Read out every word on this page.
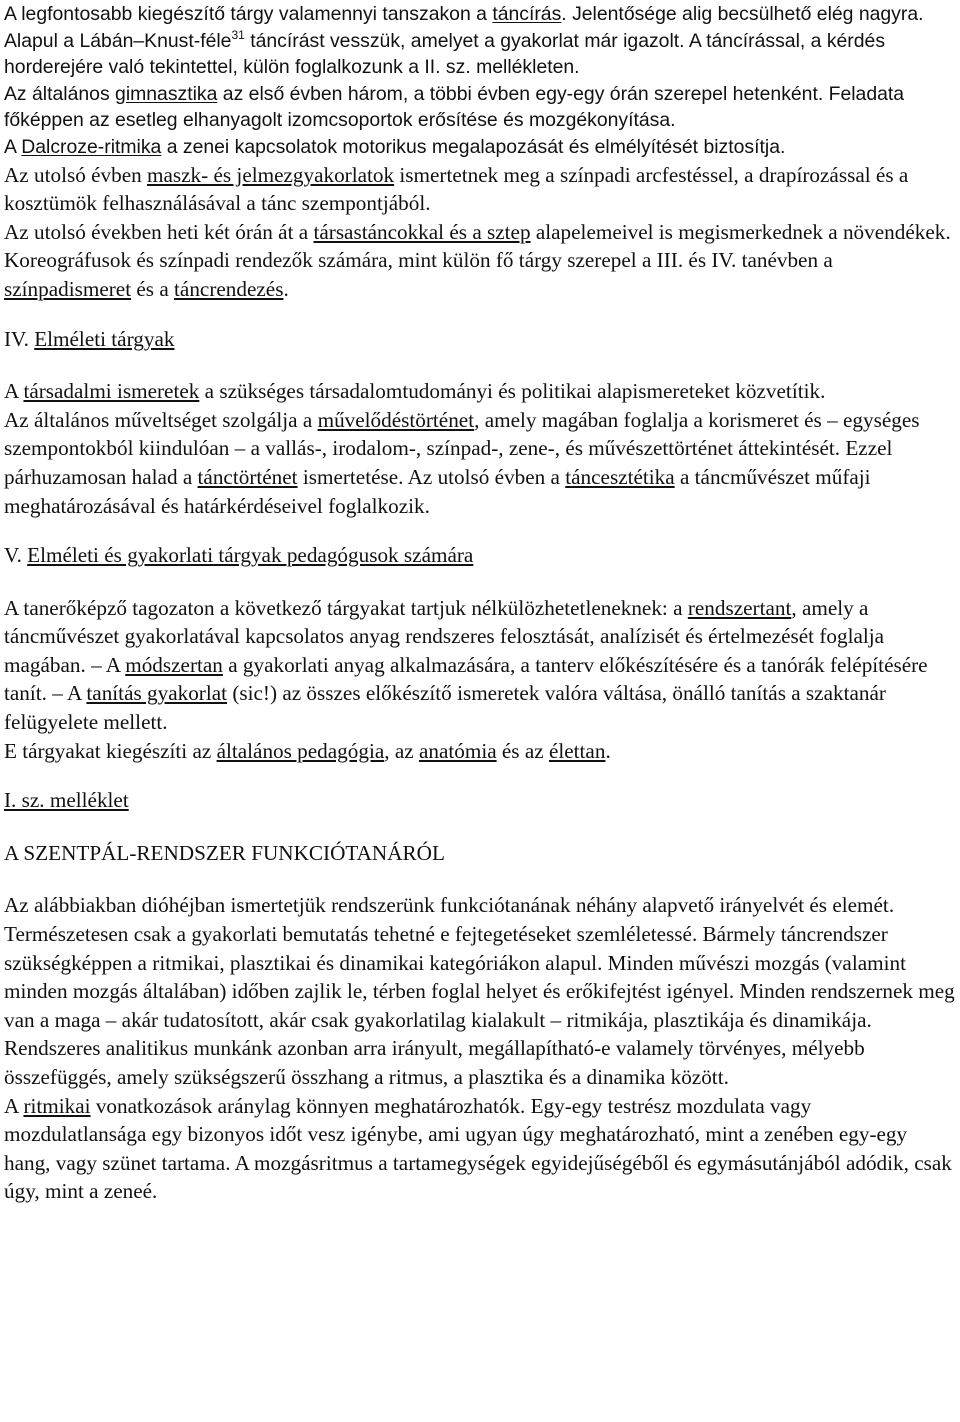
A legfontosabb kiegészítő tárgy valamennyi tanszakon a táncírás. Jelentősége alig becsülhető elég nagyra. Alapul a Lábán–Knust-féle$^{31}$ táncírást vesszük, amelyet a gyakorlat már igazolt. A táncírással, a kérdés horderejére való tekintettel, külön foglalkozunk a II. sz. mellékleten.

Az általános gimnasztika az első évben három, a többi évben egy-egy órán szerepel hetenként. Feladata főképpen az esetleg elhanyagolt izomcsoportok erősítése és mozgékonyítása.

A Dalcroze-ritmika a zenei kapcsolatok motorikus megalapozását és elmélyítését biztosítja.

Az utolsó évben maszk- és jelmezgyakorlatok ismertetnek meg a színpadi arcfestéssel, a drapírozással és a kosztümök felhasználásával a tánc szempontjából.

Az utolsó években heti két órán át a társastáncokkal és a sztep alapelemeivel is megismerkednek a növendékek.

Koreográfusok és színpadi rendezők számára, mint külön fő tárgy szerepel a III. és IV. tanévben a színpadismeret és a táncrendezés.

IV. Elméleti tárgyak

A társadalmi ismeretek a szükséges társadalomtudományi és politikai alapismereteket közvetítik.

Az általános műveltséget szolgálja a művelődéstörténet, amely magában foglalja a korismeret és – egységes szempontokból kiindulóan – a vallás-, irodalom-, színpad-, zene-, és művészettörténet áttekintését. Ezzel párhuzamosan halad a tánctörténet ismertetése. Az utolsó évben a táncesztétika a táncművészet műfaji meghatározásával és határkérdéseivel foglalkozik.

V. Elméleti és gyakorlati tárgyak pedagógusok számára

A tanerőképző tagozaton a következő tárgyakat tartjuk nélkülözhetetleneknek: a rendszertant, amely a táncművészet gyakorlatával kapcsolatos anyag rendszeres felosztását, analízisét és értelmezését foglalja magában. – A módszertan a gyakorlati anyag alkalmazására, a tanterv előkészítésére és a tanórák felépítésére tanít. – A tanítás gyakorlat (sic!) az összes előkészítő ismeretek valóra váltása, önálló tanítás a szaktanár felügyelete mellett.

E tárgyakat kiegészíti az általános pedagógia, az anatómia és az élettan.

I. sz. melléklet

A SZENTPÁL-RENDSZER FUNKCIÓTANÁRÓL

Az alábbiakban dióhéjban ismertetjük rendszerünk funkciótanának néhány alapvető irányelvét és elemét. Természetesen csak a gyakorlati bemutatás tehetné e fejtegetéseket szemléletessé. Bármely táncrendszer szükségképpen a ritmikai, plasztikai és dinamikai kategóriákon alapul. Minden művészi mozgás (valamint minden mozgás általában) időben zajlik le, térben foglal helyet és erőkifejtést igényel. Minden rendszernek meg van a maga – akár tudatosított, akár csak gyakorlatilag kialakult – ritmikája, plasztikája és dinamikája.

Rendszeres analitikus munkánk azonban arra irányult, megállapítható-e valamely törvényes, mélyebb összefüggés, amely szükségszerű összhang a ritmus, a plasztika és a dinamika között.

A ritmikai vonatkozások aránylag könnyen meghatározhatók. Egy-egy testrész mozdulata vagy mozdulatlansága egy bizonyos időt vesz igénybe, ami ugyan úgy meghatározható, mint a zenében egy-egy hang, vagy szünet tartama. A mozgásritmus a tartamegységek egyidejűségéből és egymásutánjából adódik, csak úgy, mint a zeneé.
